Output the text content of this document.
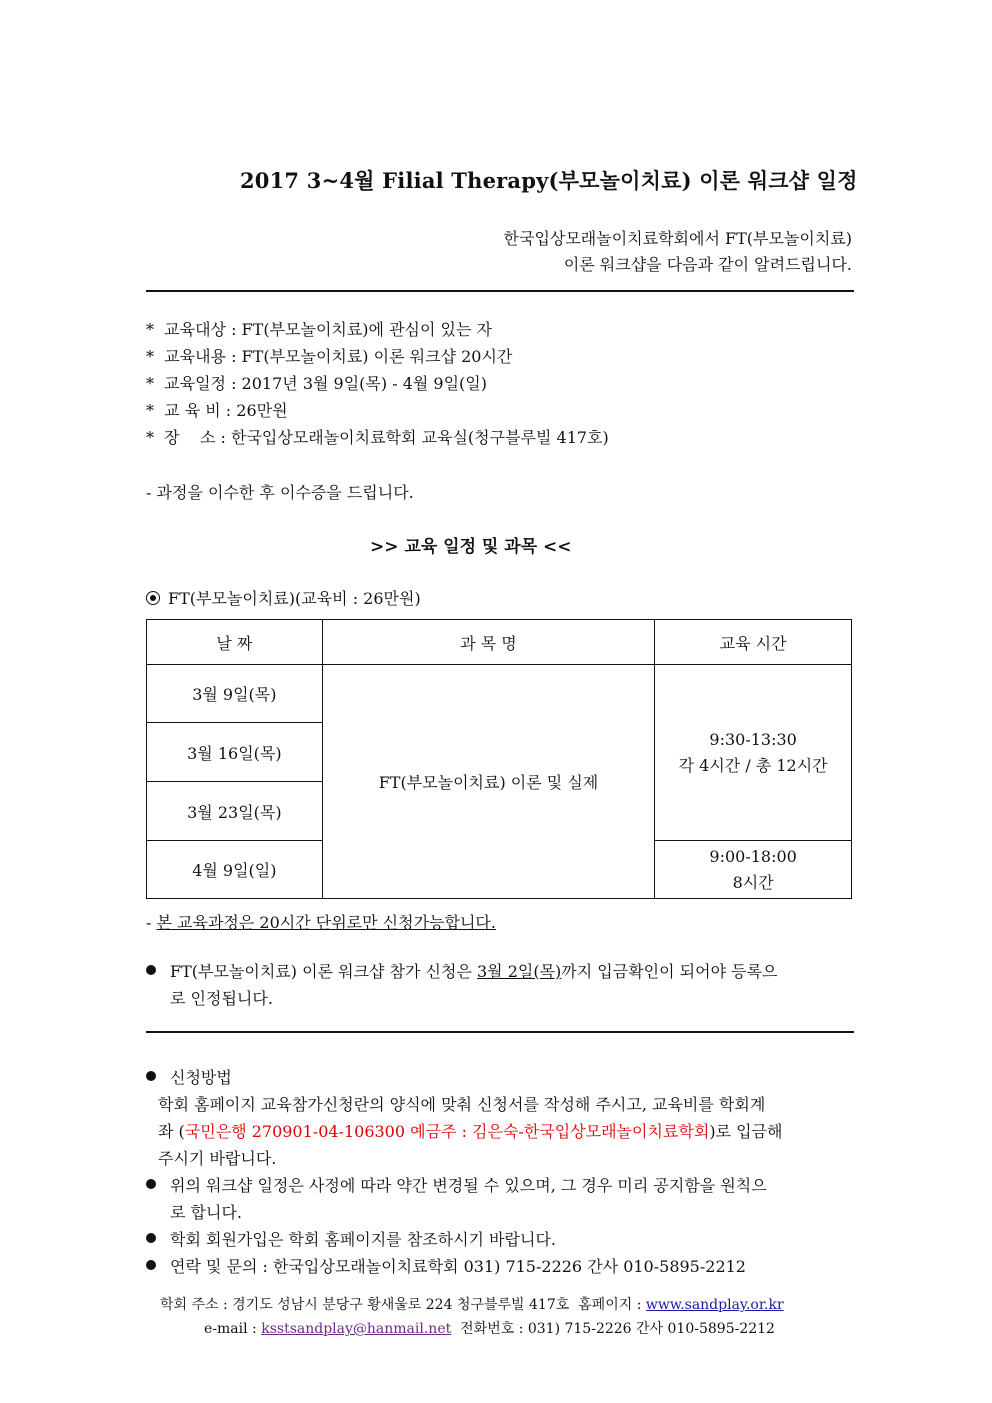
2017 3~4월 Filial Therapy(부모놀이치료) 이론 워크샵 일정
한국입상모래놀이치료학회에서 FT(부모놀이치료)
이론 워크샵을 다음과 같이 알려드립니다.
* 교육대상 : FT(부모놀이치료)에 관심이 있는 자
* 교육내용 : FT(부모놀이치료) 이론 워크샵 20시간
* 교육일정 : 2017년 3월 9일(목) - 4월 9일(일)
* 교 육 비 : 26만원
* 장    소 : 한국입상모래놀이치료학회 교육실(청구블루빌 417호)
- 과정을 이수한 후 이수증을 드립니다.
>> 교육 일정 및 과목 <<
FT(부모놀이치료)(교육비 : 26만원)
날 짜	과 목 명	교육 시간
3월 9일(목)	FT(부모놀이치료) 이론 및 실제	9:30-13:30
각 4시간 / 총 12시간

3월 16일(목)		
3월 23일(목)		
4월 9일(일)		9:00-18:00
8시간
- 본 교육과정은 20시간 단위로만 신청가능합니다.
FT(부모놀이치료) 이론 워크샵 참가 신청은 3월 2일(목)까지 입금확인이 되어야 등록으
로 인정됩니다.
신청방법
학회 홈페이지 교육참가신청란의 양식에 맞춰 신청서를 작성해 주시고, 교육비를 학회계
좌 (국민은행 270901-04-106300 예금주 : 김은숙-한국입상모래놀이치료학회)로 입금해
주시기 바랍니다.
위의 워크샵 일정은 사정에 따라 약간 변경될 수 있으며, 그 경우 미리 공지함을 원칙으
로 합니다.
학회 회원가입은 학회 홈페이지를 참조하시기 바랍니다.
연락 및 문의 : 한국입상모래놀이치료학회 031) 715-2226 간사 010-5895-2212
학회 주소 : 경기도 성남시 분당구 황새울로 224 청구블루빌 417호  홈페이지 : www.sandplay.or.kr
e-mail : ksstsandplay@hanmail.net  전화번호 : 031) 715-2226 간사 010-5895-2212
